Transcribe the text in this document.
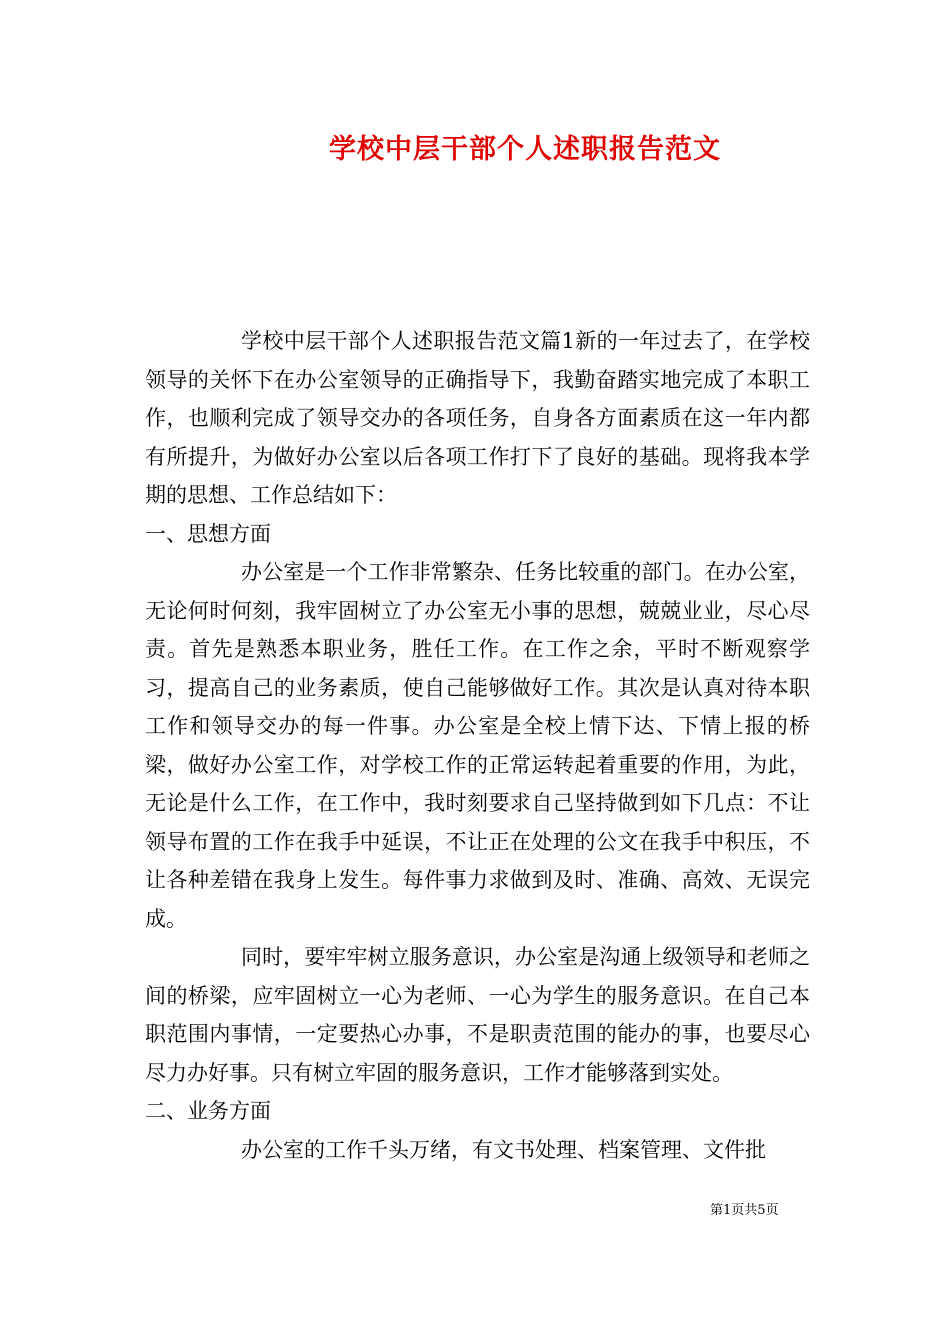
学校中层干部个人述职报告范文

学校中层干部个人述职报告范文篇1新的一年过去了，在学校领导的关怀下在办公室领导的正确指导下，我勤奋踏实地完成了本职工作，也顺利完成了领导交办的各项任务，自身各方面素质在这一年内都有所提升，为做好办公室以后各项工作打下了良好的基础。现将我本学期的思想、工作总结如下：

一、思想方面

办公室是一个工作非常繁杂、任务比较重的部门。在办公室，无论何时何刻，我牢固树立了办公室无小事的思想，兢兢业业，尽心尽责。首先是熟悉本职业务，胜任工作。在工作之余，平时不断观察学习，提高自己的业务素质，使自己能够做好工作。其次是认真对待本职工作和领导交办的每一件事。办公室是全校上情下达、下情上报的桥梁，做好办公室工作，对学校工作的正常运转起着重要的作用，为此，无论是什么工作，在工作中，我时刻要求自己坚持做到如下几点：不让领导布置的工作在我手中延误，不让正在处理的公文在我手中积压，不让各种差错在我身上发生。每件事力求做到及时、准确、高效、无误完成。

同时，要牢牢树立服务意识，办公室是沟通上级领导和老师之间的桥梁，应牢固树立一心为老师、一心为学生的服务意识。在自己本职范围内事情，一定要热心办事，不是职责范围的能办的事，也要尽心尽力办好事。只有树立牢固的服务意识，工作才能够落到实处。

二、业务方面

办公室的工作千头万绪，有文书处理、档案管理、文件批

第1页共5页
